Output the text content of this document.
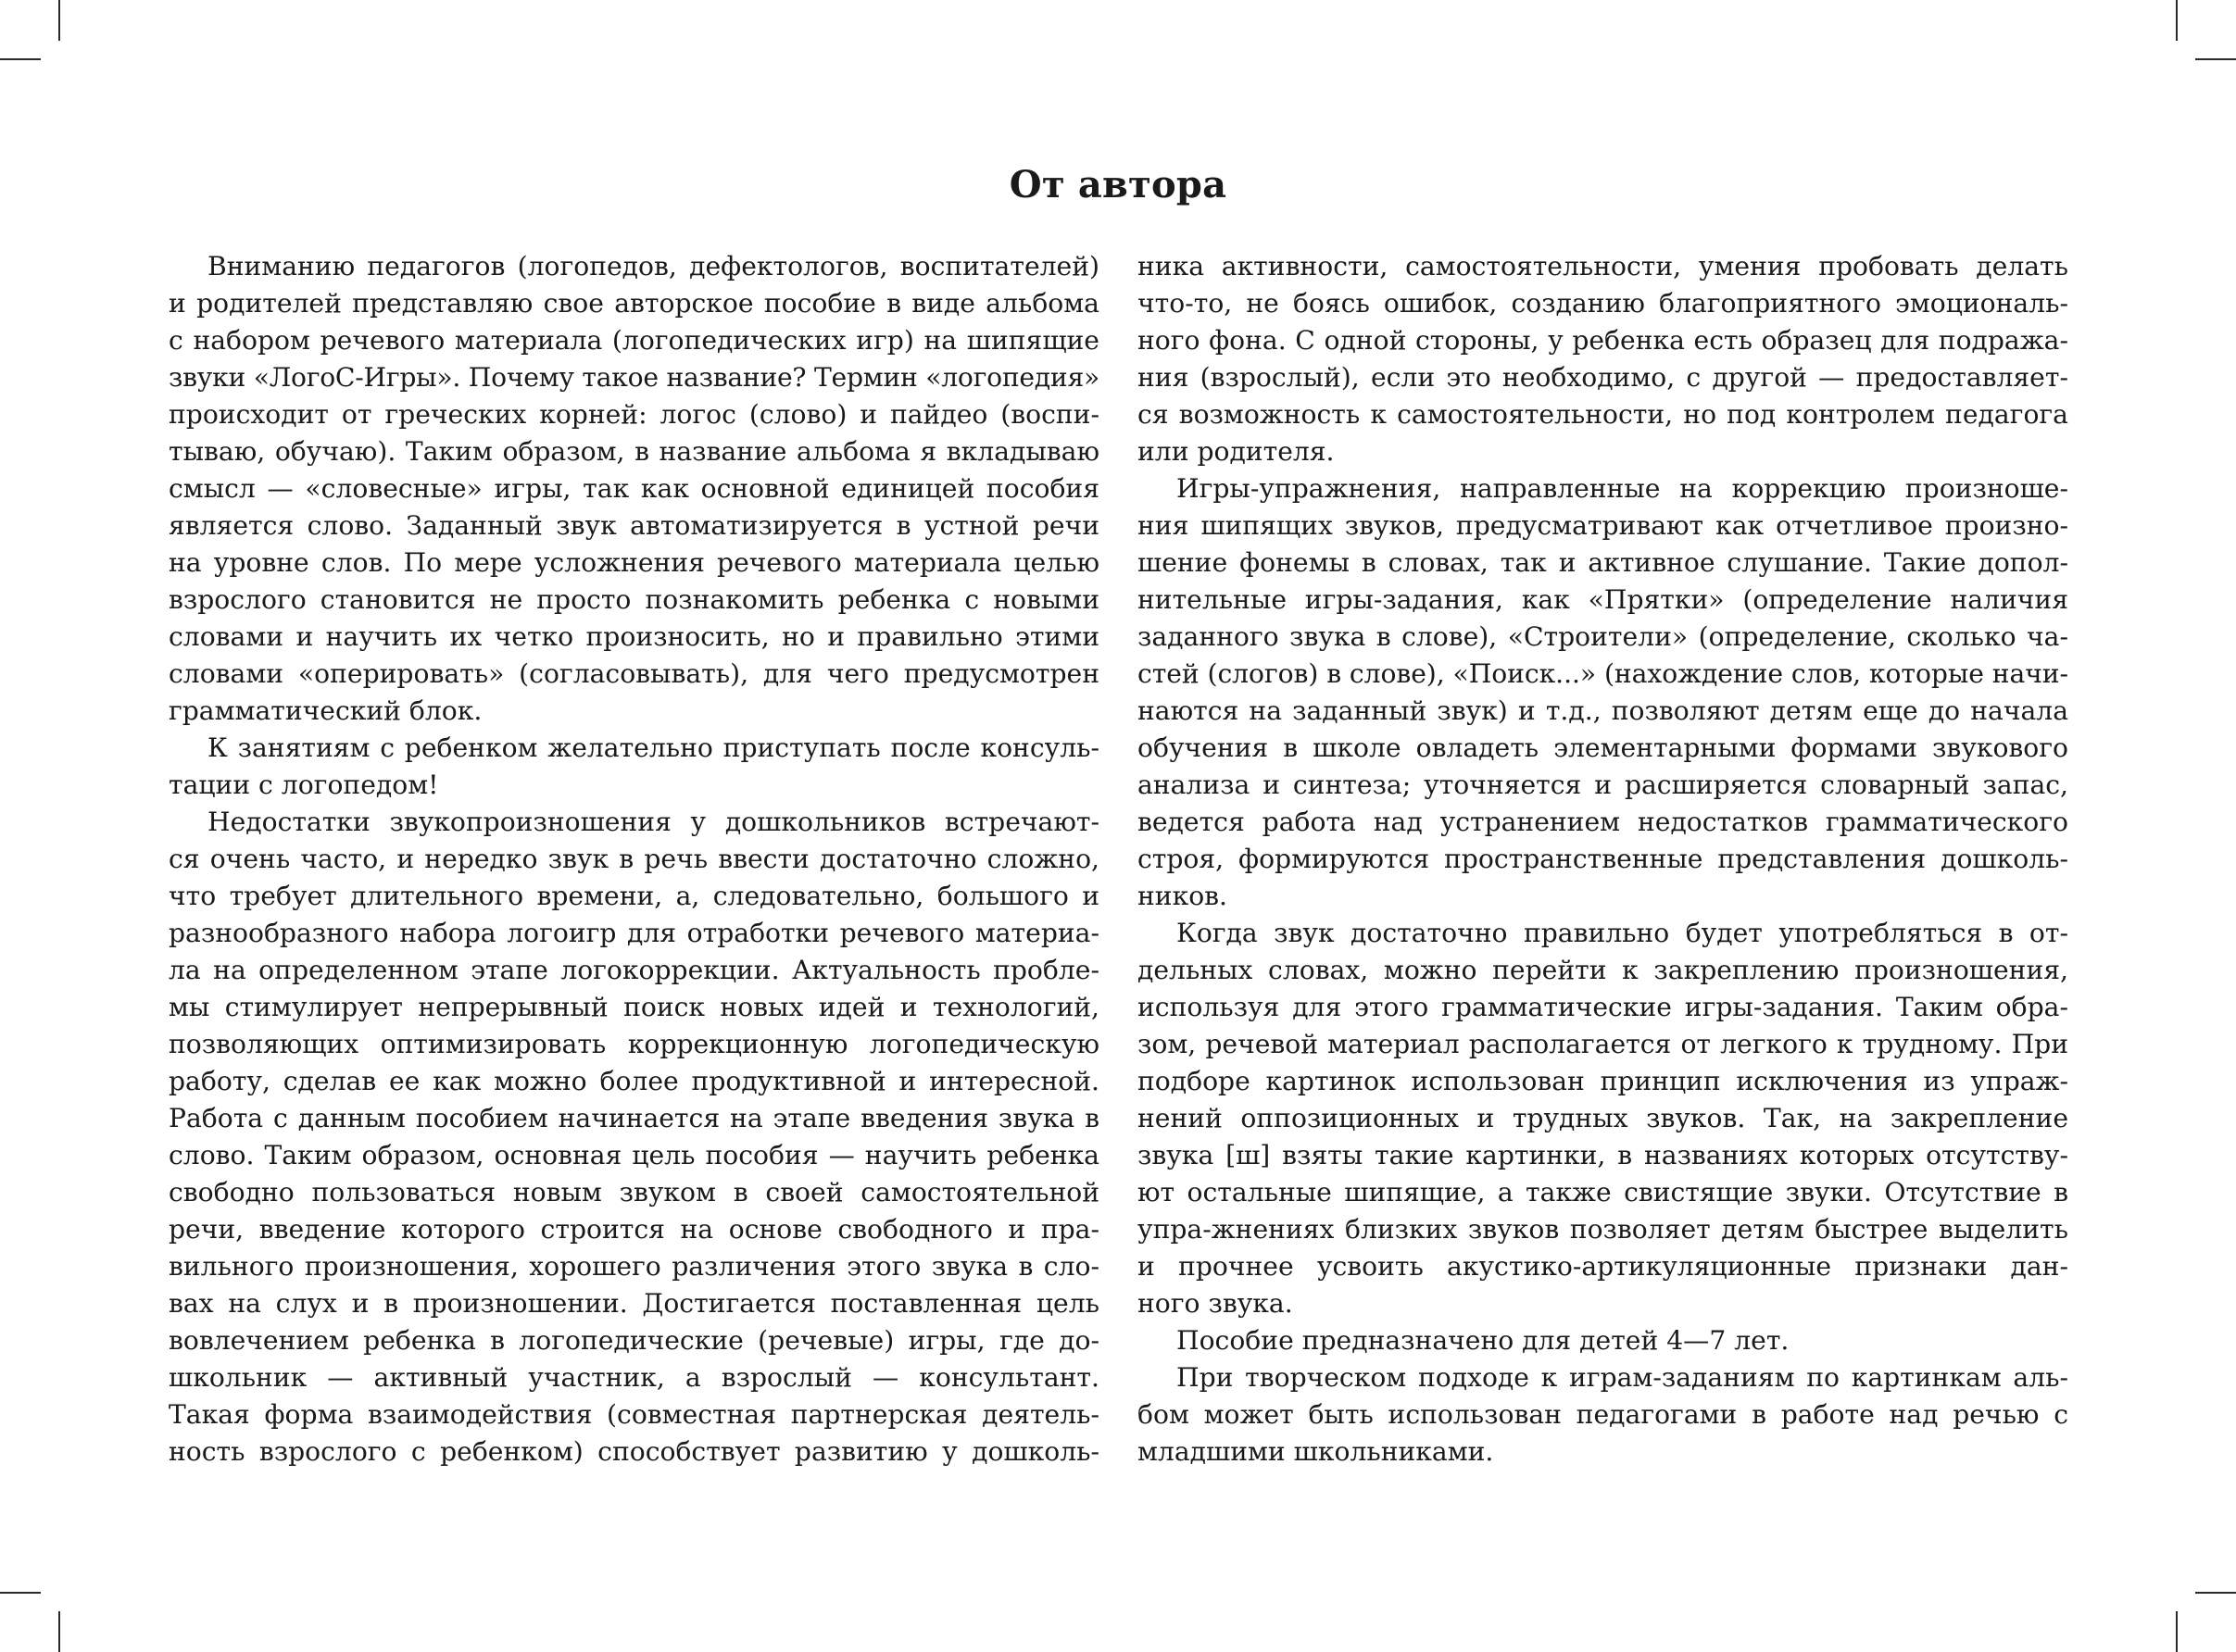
От автора
Вниманию педагогов (логопедов, дефектологов, воспитателей)
и родителей представляю свое авторское пособие в виде альбома
с набором речевого материала (логопедических игр) на шипящие
звуки «ЛогоС-Игры». Почему такое название? Термин «логопедия»
происходит от греческих корней: логос (слово) и пайдео (воспи-
тываю, обучаю). Таким образом, в название альбома я вкладываю
смысл — «словесные» игры, так как основной единицей пособия
является слово. Заданный звук автоматизируется в устной речи
на уровне слов. По мере усложнения речевого материала целью
взрослого становится не просто познакомить ребенка с новыми
словами и научить их четко произносить, но и правильно этими
словами «оперировать» (согласовывать), для чего предусмотрен
грамматический блок.
К занятиям с ребенком желательно приступать после консуль-
тации с логопедом!
Недостатки звукопроизношения у дошкольников встречают-
ся очень часто, и нередко звук в речь ввести достаточно сложно,
что требует длительного времени, а, следовательно, большого и
разнообразного набора логоигр для отработки речевого материа-
ла на определенном этапе логокоррекции. Актуальность пробле-
мы стимулирует непрерывный поиск новых идей и технологий,
позволяющих оптимизировать коррекционную логопедическую
работу, сделав ее как можно более продуктивной и интересной.
Работа с данным пособием начинается на этапе введения звука в
слово. Таким образом, основная цель пособия — научить ребенка
свободно пользоваться новым звуком в своей самостоятельной
речи, введение которого строится на основе свободного и пра-
вильного произношения, хорошего различения этого звука в сло-
вах на слух и в произношении. Достигается поставленная цель
вовлечением ребенка в логопедические (речевые) игры, где до-
школьник — активный участник, а взрослый — консультант.
Такая форма взаимодействия (совместная партнерская деятель-
ность взрослого с ребенком) способствует развитию у дошколь-
ника активности, самостоятельности, умения пробовать делать
что-то, не боясь ошибок, созданию благоприятного эмоциональ-
ного фона. С одной стороны, у ребенка есть образец для подража-
ния (взрослый), если это необходимо, с другой — предоставляет-
ся возможность к самостоятельности, но под контролем педагога
или родителя.
Игры-упражнения, направленные на коррекцию произноше-
ния шипящих звуков, предусматривают как отчетливое произно-
шение фонемы в словах, так и активное слушание. Такие допол-
нительные игры-задания, как «Прятки» (определение наличия
заданного звука в слове), «Строители» (определение, сколько ча-
стей (слогов) в слове), «Поиск...» (нахождение слов, которые начи-
наются на заданный звук) и т.д., позволяют детям еще до начала
обучения в школе овладеть элементарными формами звукового
анализа и синтеза; уточняется и расширяется словарный запас,
ведется работа над устранением недостатков грамматического
строя, формируются пространственные представления дошколь-
ников.
Когда звук достаточно правильно будет употребляться в от-
дельных словах, можно перейти к закреплению произношения,
используя для этого грамматические игры-задания. Таким обра-
зом, речевой материал располагается от легкого к трудному. При
подборе картинок использован принцип исключения из упраж-
нений оппозиционных и трудных звуков. Так, на закрепление
звука [ш] взяты такие картинки, в названиях которых отсутству-
ют остальные шипящие, а также свистящие звуки. Отсутствие в
упра-жнениях близких звуков позволяет детям быстрее выделить
и прочнее усвоить акустико-артикуляционные признаки дан-
ного звука.
Пособие предназначено для детей 4—7 лет.
При творческом подходе к играм-заданиям по картинкам аль-
бом может быть использован педагогами в работе над речью с
младшими школьниками.
